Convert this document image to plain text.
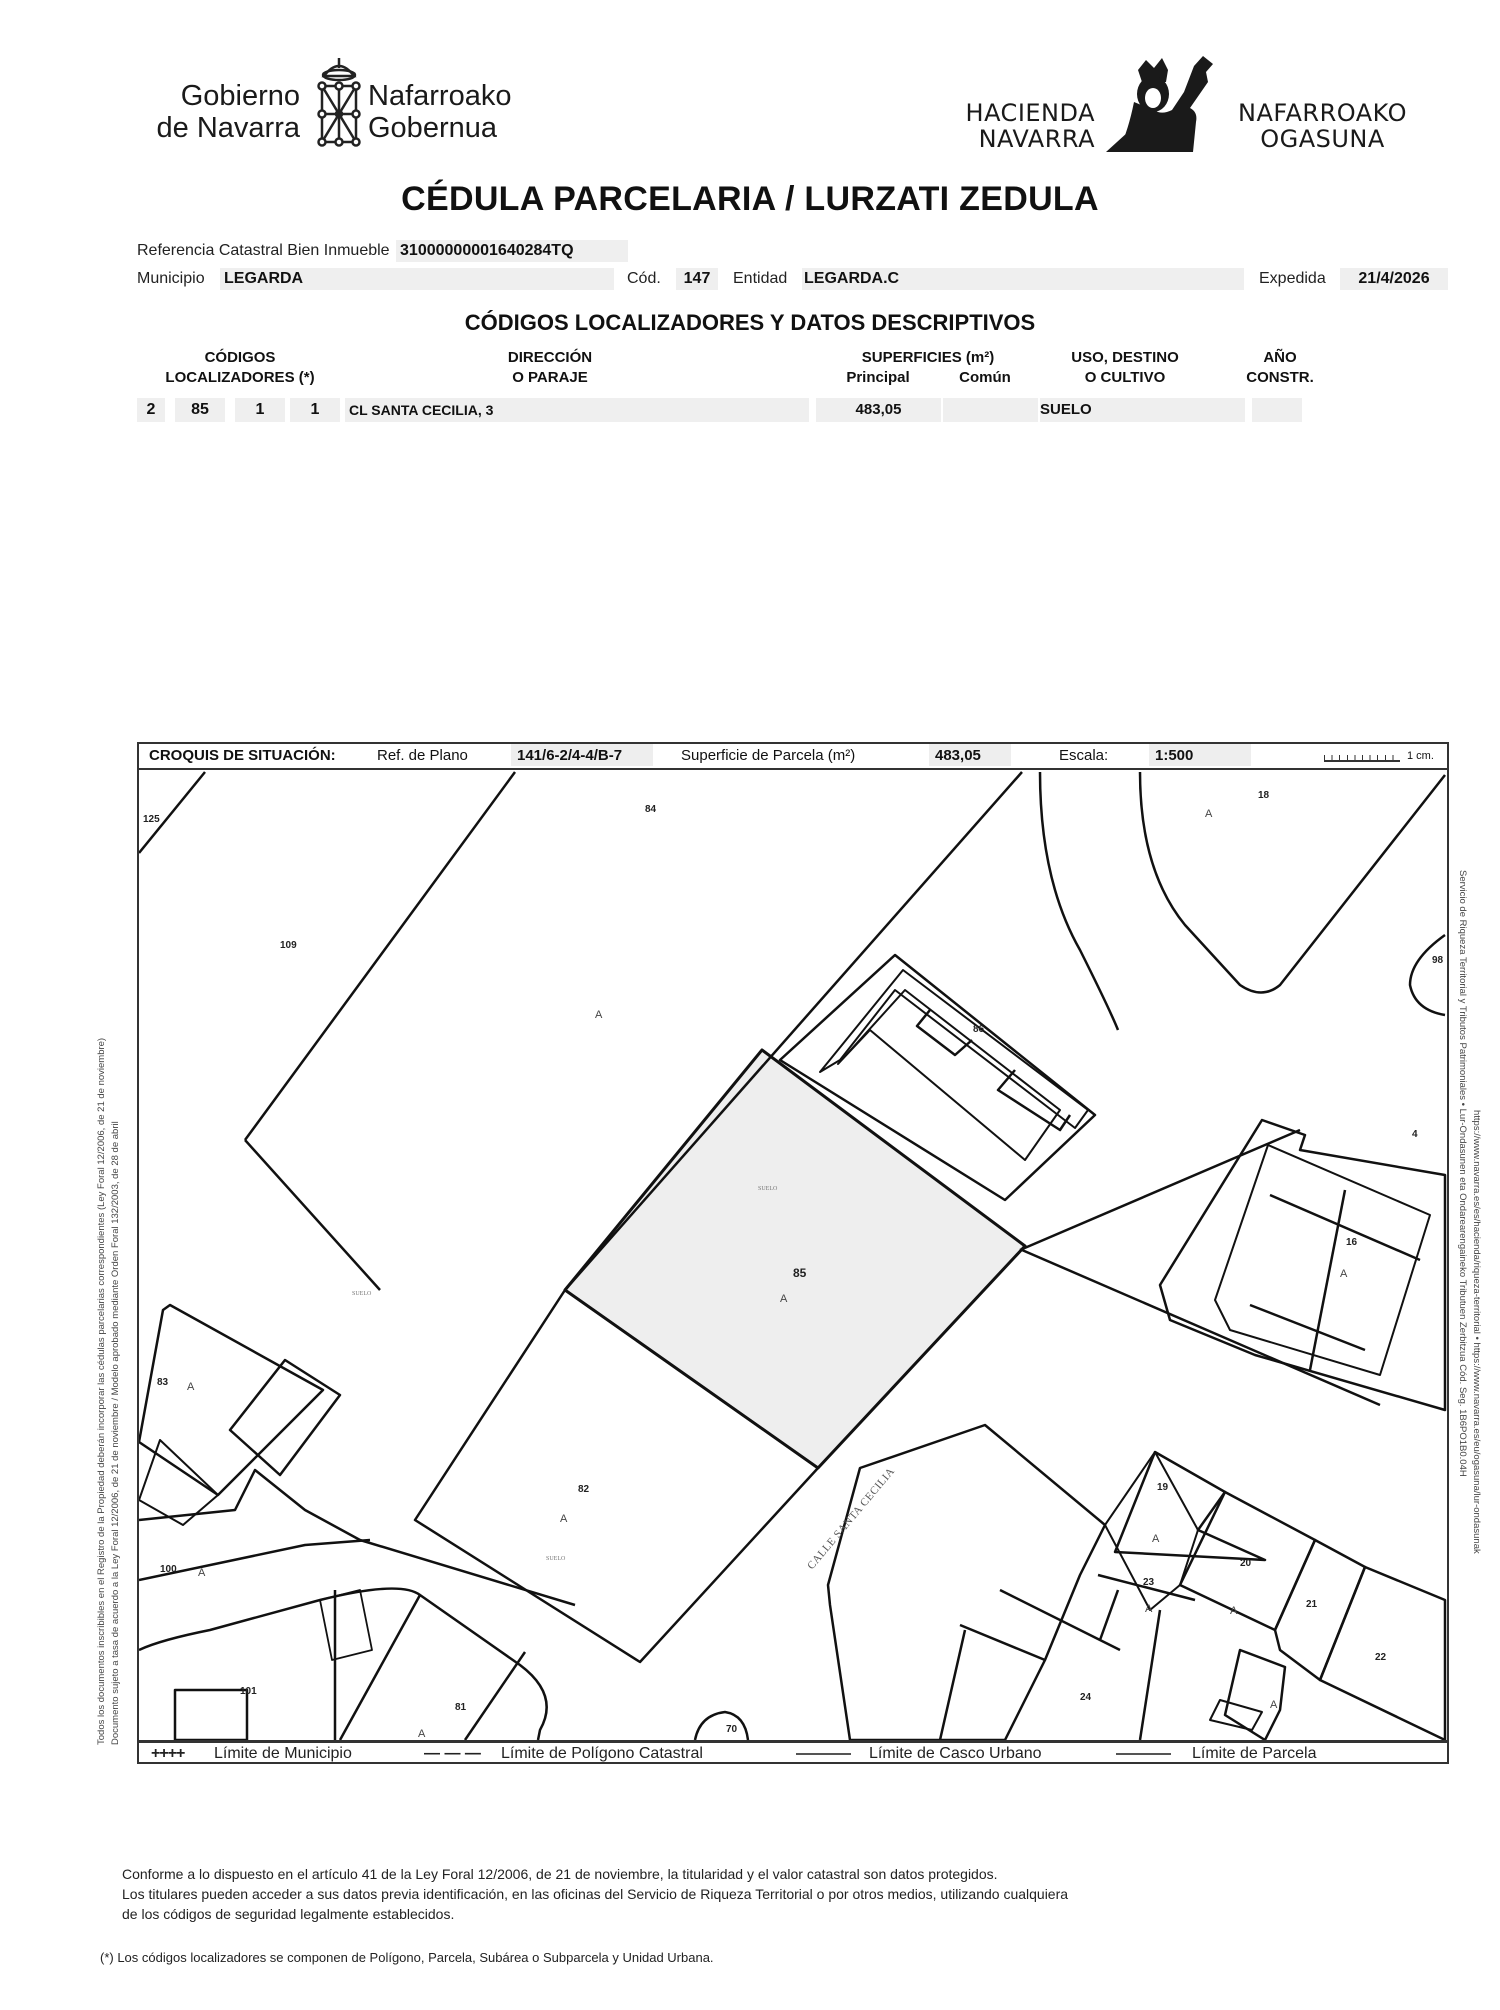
Gobierno
de Navarra
Nafarroako
Gobernua	HACIENDA
NAVARRA
NAFARROAKO
OGASUNA
CÉDULA PARCELARIA / LURZATI ZEDULA
Referencia Catastral Bien Inmueble 31000000001640284TQ
Municipio LEGARDA	Cód.	147	Entidad LEGARDA.C	Expedida	21/4/2026
CÓDIGOS LOCALIZADORES Y DATOS DESCRIPTIVOS
CÓDIGOS
LOCALIZADORES (*)
DIRECCIÓN
O PARAJE
SUPERFICIES (m²)
Principal	Común
USO, DESTINO
O CULTIVO
AÑO
CONSTR.
2	85	1	1	CL SANTA CECILIA, 3	483,05	SUELO
Todos los documentos inscribibles en el Registro de la Propiedad deberán incorporar las cédulas parcelarias correspondientes (Ley Foral 12/2006, de 21 de noviembre) Documento sujeto a tasa de acuerdo a la Ley Foral 12/2006, de 21 de noviembre / Modelo aprobado mediante Orden Foral 132/2003, de 28 de abril	Servicio de Riqueza Territorial y Tributos Patrimoniales • Lur-Ondasunen eta Ondarearengaineko Tributuen Zerbitzua Cód. Seg. 1B6PO1B0.04H https://www.navarra.es/es/hacienda/riqueza-territorial • https://www.navarra.es/eu/ogasuna/lur-ondasunak
CROQUIS DE SITUACIÓN:	Ref. de Plano	141/6-2/4-4/B-7	Superficie de Parcela (m²)	483,05	Escala:	1:500	1 cm.
125
84
109
18
86
98
85
83
82
100
81
101
70
19
20
21
22
23
24
16
4
A
A
A
A
A
A
A
A
A
A	A
A
SUELO
SUELO
SUELO	CALLE SANTA CECILIA
++++ Límite de Municipio	— — — Límite de Polígono Catastral	Límite de Casco Urbano	Límite de Parcela
Conforme a lo dispuesto en el artículo 41 de la Ley Foral 12/2006, de 21 de noviembre, la titularidad y el valor catastral son datos protegidos.
Los titulares pueden acceder a sus datos previa identificación, en las oficinas del Servicio de Riqueza Territorial o por otros medios, utilizando cualquiera
de los códigos de seguridad legalmente establecidos.
(*) Los códigos localizadores se componen de Polígono, Parcela, Subárea o Subparcela y Unidad Urbana.
